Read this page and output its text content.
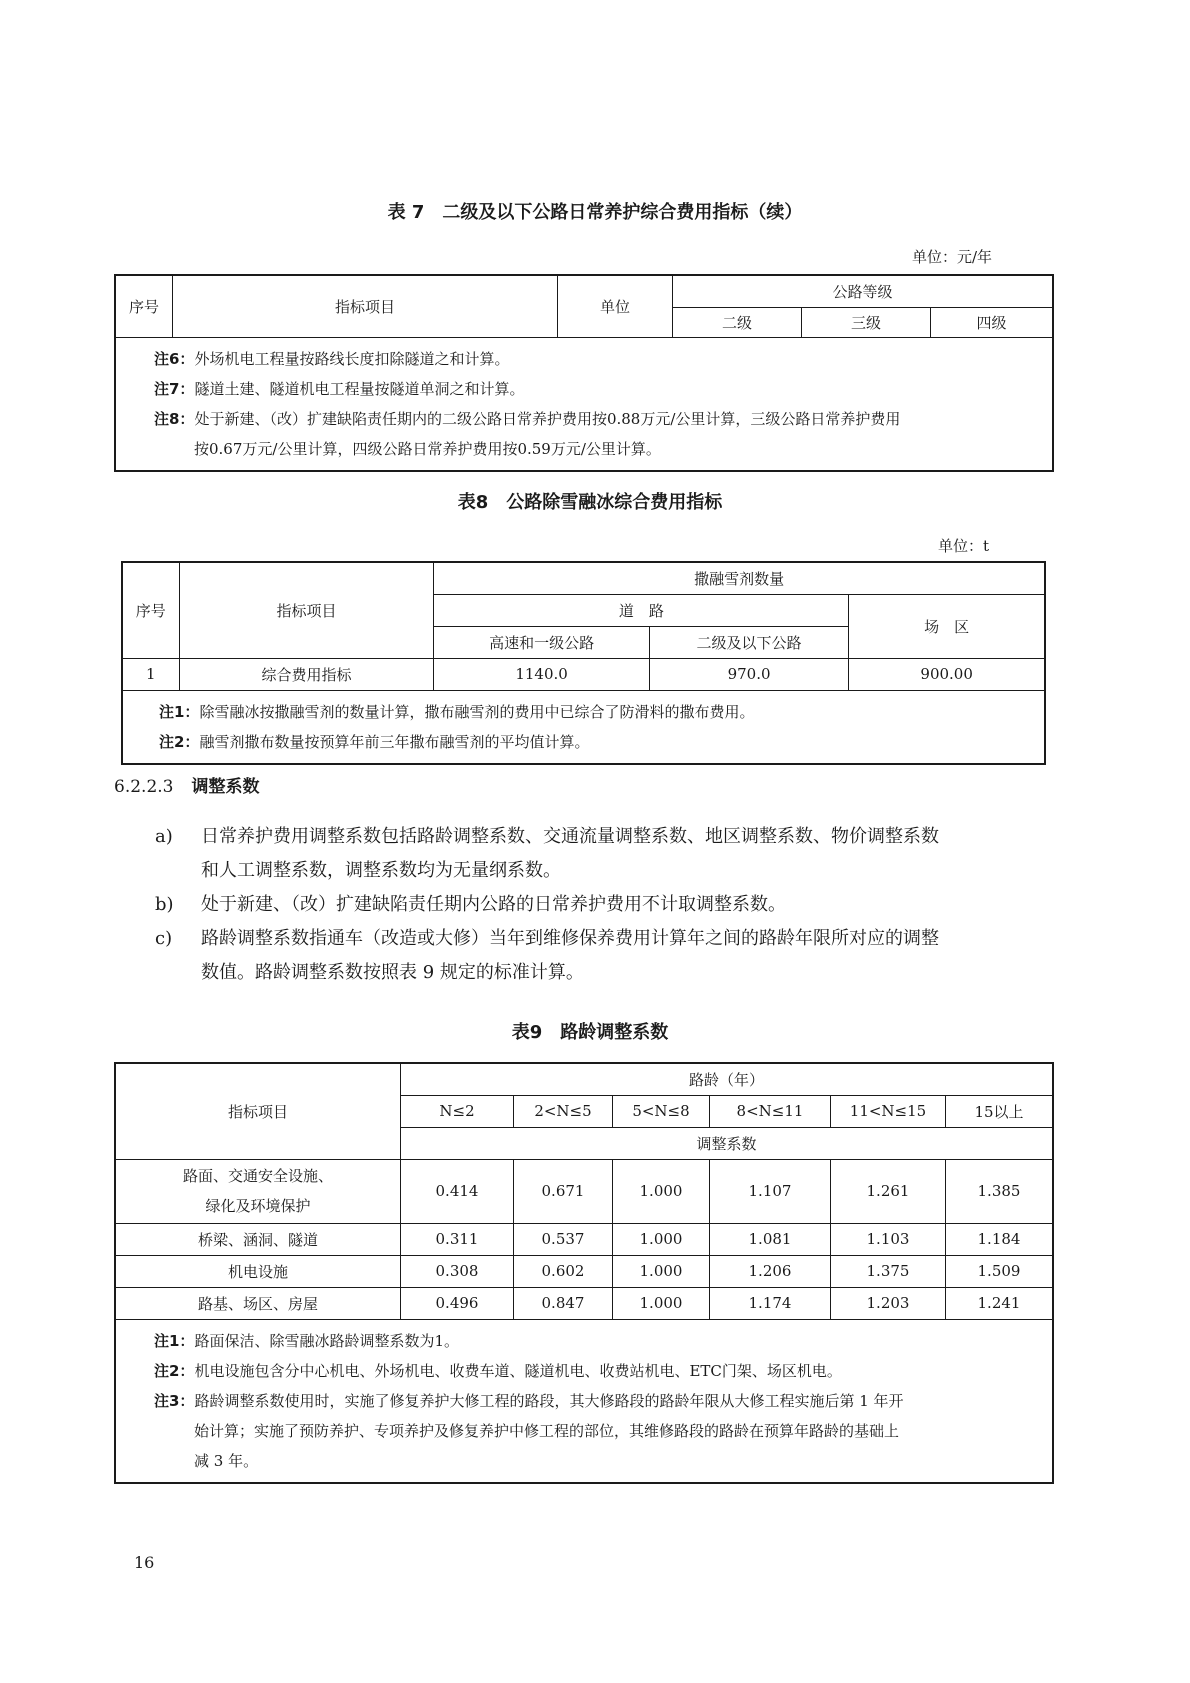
表 7　二级及以下公路日常养护综合费用指标（续）
单位：元/年
序号	指标项目	单位	公路等级		
			二级	三级	四级

注6：外场机电工程量按路线长度扣除隧道之和计算。
注7：隧道土建、隧道机电工程量按隧道单洞之和计算。
注8：处于新建、（改）扩建缺陷责任期内的二级公路日常养护费用按0.88万元/公里计算，三级公路日常养护费用
按0.67万元/公里计算，四级公路日常养护费用按0.59万元/公里计算。					
表8　公路除雪融冰综合费用指标
单位：t
序号	指标项目	撒融雪剂数量		
		道　路		场　区
		高速和一级公路	二级及以下公路	
1	综合费用指标	1140.0	970.0	900.00

注1：除雪融冰按撒融雪剂的数量计算，撒布融雪剂的费用中已综合了防滑料的撒布费用。
注2：融雪剂撒布数量按预算年前三年撒布融雪剂的平均值计算。				
6.2.2.3 调整系数
a) 日常养护费用调整系数包括路龄调整系数、交通流量调整系数、地区调整系数、物价调整系数
和人工调整系数，调整系数均为无量纲系数。
b) 处于新建、（改）扩建缺陷责任期内公路的日常养护费用不计取调整系数。
c) 路龄调整系数指通车（改造或大修）当年到维修保养费用计算年之间的路龄年限所对应的调整
数值。路龄调整系数按照表 9 规定的标准计算。
表9　路龄调整系数
指标项目	路龄（年）					
	N≤2	2<N≤5	5<N≤8	8<N≤11	11<N≤15	15以上
	调整系数					
路面、交通安全设施、
绿化及环境保护	0.414	0.671	1.000	1.107	1.261	1.385
桥梁、涵洞、隧道	0.311	0.537	1.000	1.081	1.103	1.184
机电设施	0.308	0.602	1.000	1.206	1.375	1.509
路基、场区、房屋	0.496	0.847	1.000	1.174	1.203	1.241

注1：路面保洁、除雪融冰路龄调整系数为1。
注2：机电设施包含分中心机电、外场机电、收费车道、隧道机电、收费站机电、ETC门架、场区机电。
注3：路龄调整系数使用时，实施了修复养护大修工程的路段，其大修路段的路龄年限从大修工程实施后第 1 年开
始计算；实施了预防养护、专项养护及修复养护中修工程的部位，其维修路段的路龄在预算年路龄的基础上
减 3 年。						
16
